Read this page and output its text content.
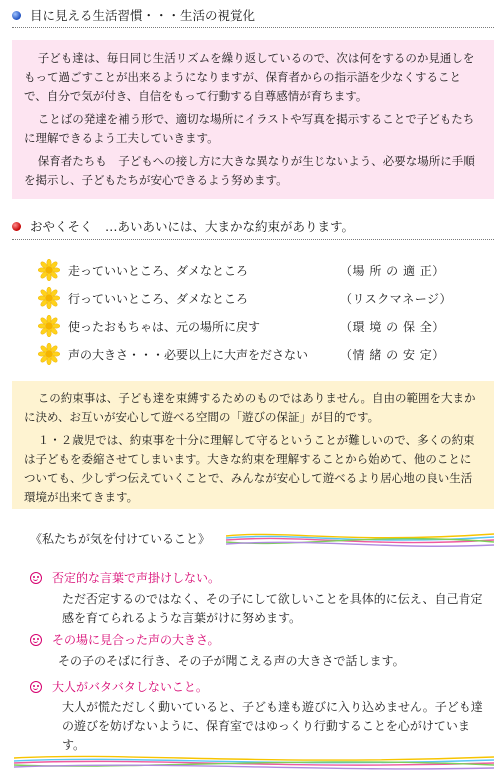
目に見える生活習慣・・・生活の視覚化

子ども達は、毎日同じ生活リズムを繰り返しているので、次は何をするのか見通しをもって過ごすことが出来るようになりますが、保育者からの指示語を少なくすることで、自分で気が付き、自信をもって行動する自尊感情が育ちます。

ことばの発達を補う形で、適切な場所にイラストや写真を掲示することで子どもたちに理解できるよう工夫していきます。

保育者たちも　子どもへの接し方に大きな異なりが生じないよう、必要な場所に手順を掲示し、子どもたちが安心できるよう努めます。

おやくそく　…あいあいには、大まかな約束があります。
走っていいところ、ダメなところ	（場 所 の 適 正）
行っていいところ、ダメなところ	（リスクマネージ）
使ったおもちゃは、元の場所に戻す	（環 境 の 保 全）
声の大きさ・・・必要以上に大声をださない	（情 緒 の 安 定）

この約束事は、子ども達を束縛するためのものではありません。自由の範囲を大まかに決め、お互いが安心して遊べる空間の「遊びの保証」が目的です。

１・２歳児では、約束事を十分に理解して守るということが難しいので、多くの約束は子どもを委縮させてしまいます。大きな約束を理解することから始めて、他のことについても、少しずつ伝えていくことで、みんなが安心して遊べるより居心地の良い生活環境が出来てきます。

《私たちが気を付けていること》
否定的な言葉で声掛けしない。
ただ否定するのではなく、その子にして欲しいことを具体的に伝え、自己肯定感を育てられるような言葉がけに努めます。
その場に見合った声の大きさ。
その子のそばに行き、その子が聞こえる声の大きさで話します。
大人がバタバタしないこと。
大人が慌ただしく動いていると、子ども達も遊びに入り込めません。子ども達の遊びを妨げないように、保育室ではゆっくり行動することを心がけています。
